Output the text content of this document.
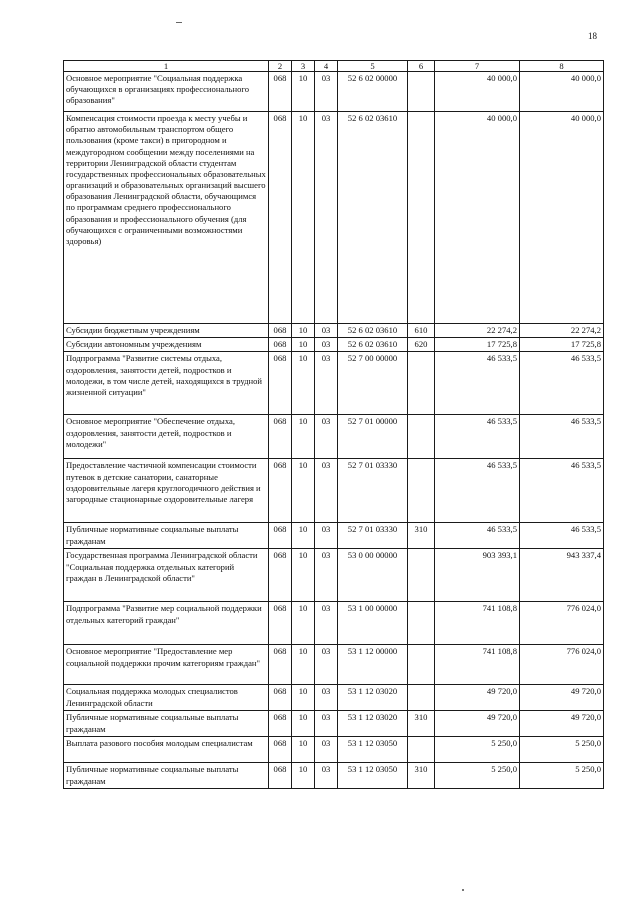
18
1	2	3	4	5	6	7	8
Основное мероприятие "Социальная поддержка обучающихся в организациях профессионального образования"	068	10	03	52 6 02 00000		40 000,0	40 000,0
Компенсация стоимости проезда к месту учебы и обратно автомобильным транспортом общего пользования (кроме такси) в пригородном и междугородном сообщении между поселениями на территории Ленинградской области студентам государственных профессиональных образовательных организаций и образовательных организаций высшего образования Ленинградской области, обучающимся по программам среднего профессионального образования и профессионального обучения (для обучающихся с ограниченными возможностями здоровья)	068	10	03	52 6 02 03610		40 000,0	40 000,0
Субсидии бюджетным учреждениям	068	10	03	52 6 02 03610	610	22 274,2	22 274,2
Субсидии автономным учреждениям	068	10	03	52 6 02 03610	620	17 725,8	17 725,8
Подпрограмма "Развитие системы отдыха, оздоровления, занятости детей, подростков и молодежи, в том числе детей, находящихся в трудной жизненной ситуации"	068	10	03	52 7 00 00000		46 533,5	46 533,5
Основное мероприятие "Обеспечение отдыха, оздоровления, занятости детей, подростков и молодежи"	068	10	03	52 7 01 00000		46 533,5	46 533,5
Предоставление частичной компенсации стоимости путевок в детские санатории, санаторные оздоровительные лагеря круглогодичного действия и загородные стационарные оздоровительные лагеря	068	10	03	52 7 01 03330		46 533,5	46 533,5
Публичные нормативные социальные выплаты гражданам	068	10	03	52 7 01 03330	310	46 533,5	46 533,5
Государственная программа Ленинградской области "Социальная поддержка отдельных категорий граждан в Ленинградской области"	068	10	03	53 0 00 00000		903 393,1	943 337,4
Подпрограмма "Развитие мер социальной поддержки отдельных категорий граждан"	068	10	03	53 1 00 00000		741 108,8	776 024,0
Основное мероприятие "Предоставление мер социальной поддержки прочим категориям граждан"	068	10	03	53 1 12 00000		741 108,8	776 024,0
Социальная поддержка молодых специалистов Ленинградской области	068	10	03	53 1 12 03020		49 720,0	49 720,0
Публичные нормативные социальные выплаты гражданам	068	10	03	53 1 12 03020	310	49 720,0	49 720,0
Выплата разового пособия молодым специалистам	068	10	03	53 1 12 03050		5 250,0	5 250,0
Публичные нормативные социальные выплаты гражданам	068	10	03	53 1 12 03050	310	5 250,0	5 250,0
